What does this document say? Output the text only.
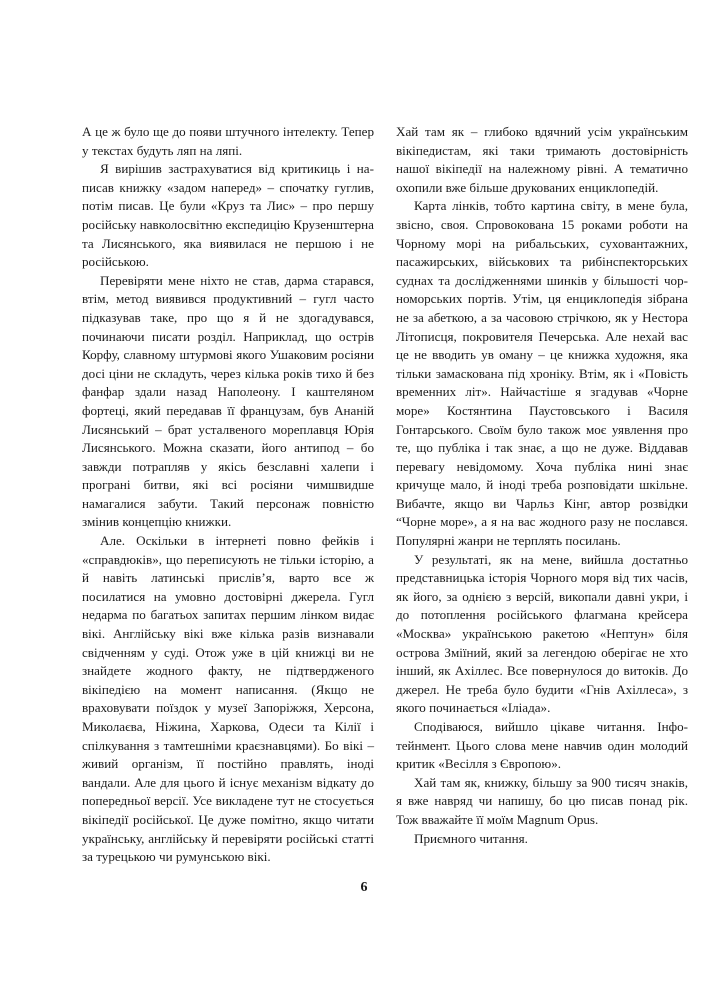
А це ж було ще до появи штучного інтелекту. Тепер у текстах будуть ляп на ляпі.

Я вирішив застрахуватися від критикиць і написав книжку «задом наперед» – спочатку гуглив, потім писав. Це були «Круз та Лис» – про першу російську навколосвітню експедицію Крузенштерна та Лисянського, яка виявилася не першою і не російською.

Перевіряти мене ніхто не став, дарма старався, втім, метод виявився продуктивний – гугл часто підказував таке, про що я й не здогадувався, починаючи писати розділ. Наприклад, що острів Корфу, славному штурмові якого Ушаковим росіяни досі ціни не складуть, через кілька років тихо й без фанфар здали назад Наполеону. І каштеляном фортеці, який передавав її французам, був Ананій Лисянський – брат усталвеного мореплавця Юрія Лисянського. Можна сказати, його антипод – бо завжди потрапляв у якісь безславні халепи і програні битви, які всі росіяни чимшвидше намагалися забути. Такий персонаж повністю змінив концепцію книжки.

Але. Оскільки в інтернеті повно фейків і «справдюків», що переписують не тільки історію, а й навіть латинські прислів’я, варто все ж посилатися на умовно достовірні джерела. Гугл недарма по багатьох запитах першим лінком видає вікі. Англійську вікі вже кілька разів визнавали свідченням у суді. Отож уже в цій книжці ви не знайдете жодного факту, не підтвердженого вікіпедією на момент написання. (Якщо не враховувати поїздок у музеї Запоріжжя, Херсона, Миколаєва, Ніжина, Харкова, Одеси та Кілії і спілкування з тамтешніми краєзнавцями). Бо вікі – живий організм, її постійно правлять, іноді вандали. Але для цього й існує механізм відкату до попередньої версії. Усе викладене тут не стосується вікіпедії російської. Це дуже помітно, якщо читати українську, англійську й перевіряти російські статті за турецькою чи румунською вікі.

Хай там як – глибоко вдячний усім українським вікіпедистам, які таки тримають достовірність нашої вікіпедії на належному рівні. А тематично охопили вже більше друкованих енциклопедій.

Карта лінків, тобто картина світу, в мене була, звісно, своя. Спровокована 15 роками роботи на Чорному морі на рибальських, суховантажних, пасажирських, військових та рибінспекторських суднах та дослідженнями шинків у більшості чорноморських портів. Утім, ця енциклопедія зібрана не за абеткою, а за часовою стрічкою, як у Нестора Літописця, покровителя Печерська. Але нехай вас це не вводить ув оману – це книжка художня, яка тільки замаскована під хроніку. Втім, як і «Повість временних літ». Найчастіше я згадував «Чорне море» Костянтина Паустовського і Василя Гонтарського. Своїм було також моє уявлення про те, що публіка і так знає, а що не дуже. Віддавав перевагу невідомому. Хоча публіка нині знає кричуще мало, й іноді треба розповідати шкільне. Вибачте, якщо ви Чарльз Кінг, автор розвідки “Чорне море», а я на вас жодного разу не послався. Популярні жанри не терплять посилань.

У результаті, як на мене, вийшла достатньо представницька історія Чорного моря від тих часів, як його, за однією з версій, викопали давні укри, і до потоплення російського флагмана крейсера «Москва» українською ракетою «Нептун» біля острова Зміїний, який за легендою оберігає не хто інший, як Ахіллес. Все повернулося до витоків. До джерел. Не треба було будити «Гнів Ахіллеса», з якого починається «Іліада».

Сподіваюся, вийшло цікаве читання. Інфотейнмент. Цього слова мене навчив один молодий критик «Весілля з Європою».

Хай там як, книжку, більшу за 900 тисяч знаків, я вже навряд чи напишу, бо цю писав понад рік. Тож вважайте її моїм Magnum Opus.

Приємного читання.

6
